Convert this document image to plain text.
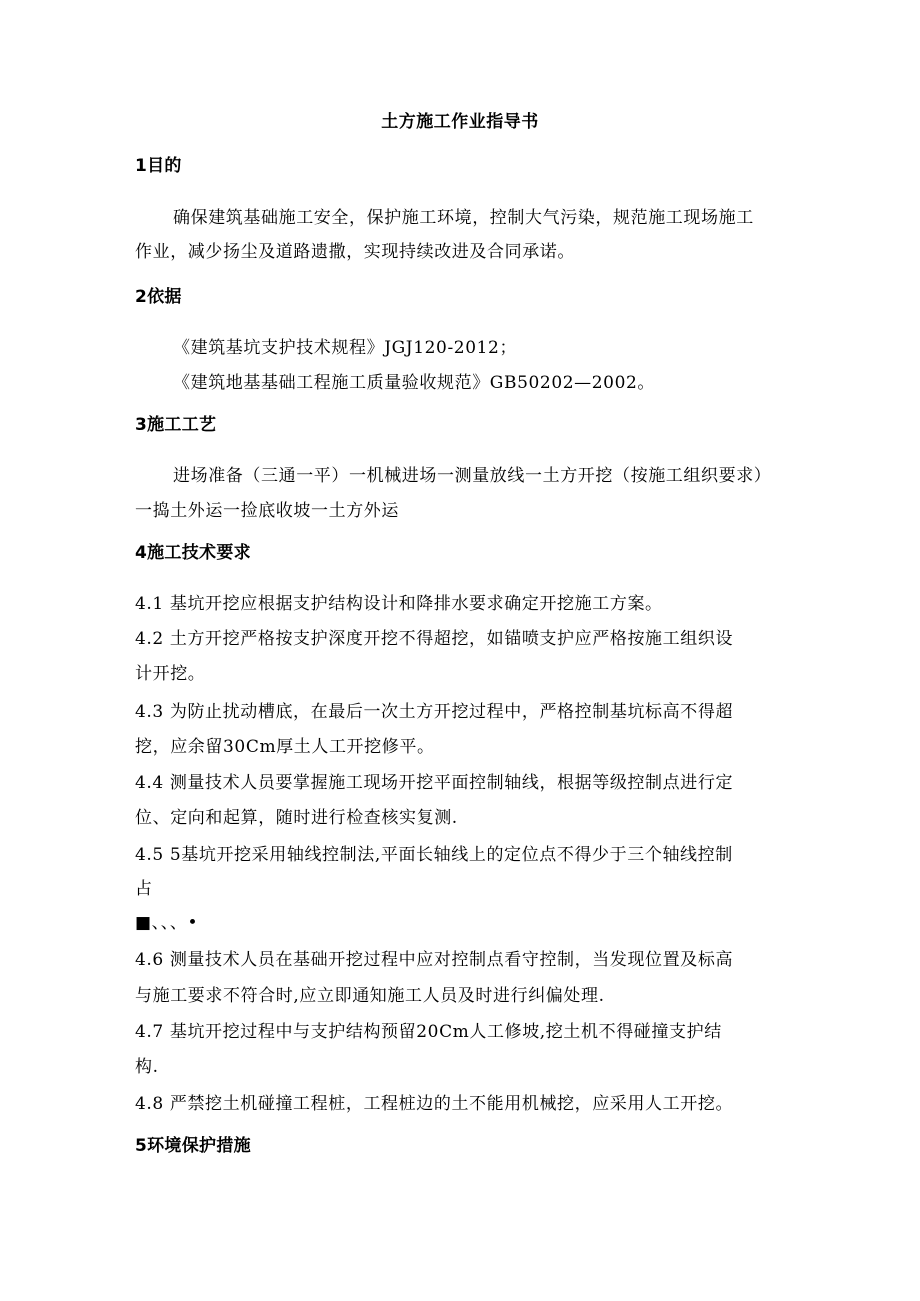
土方施工作业指导书
1目的
确保建筑基础施工安全，保护施工环境，控制大气污染，规范施工现场施工
作业，减少扬尘及道路遗撒，实现持续改进及合同承诺。
2依据
《建筑基坑支护技术规程》JGJ120-2012；
《建筑地基基础工程施工质量验收规范》GB50202—2002。
3施工工艺
进场准备（三通一平）一机械进场一测量放线一土方开挖（按施工组织要求）
一捣土外运一捡底收坡一土方外运
4施工技术要求
4.1 基坑开挖应根据支护结构设计和降排水要求确定开挖施工方案。
4.2 土方开挖严格按支护深度开挖不得超挖，如锚喷支护应严格按施工组织设
计开挖。
4.3 为防止扰动槽底，在最后一次土方开挖过程中，严格控制基坑标高不得超
挖，应余留30Cm厚土人工开挖修平。
4.4 测量技术人员要掌握施工现场开挖平面控制轴线，根据等级控制点进行定
位、定向和起算，随时进行检查核实复测.
4.5 5基坑开挖采用轴线控制法,平面长轴线上的定位点不得少于三个轴线控制
占
■、、、•
4.6 测量技术人员在基础开挖过程中应对控制点看守控制，当发现位置及标高
与施工要求不符合时,应立即通知施工人员及时进行纠偏处理.
4.7 基坑开挖过程中与支护结构预留20Cm人工修坡,挖土机不得碰撞支护结
构.
4.8 严禁挖土机碰撞工程桩，工程桩边的土不能用机械挖，应采用人工开挖。
5环境保护措施
